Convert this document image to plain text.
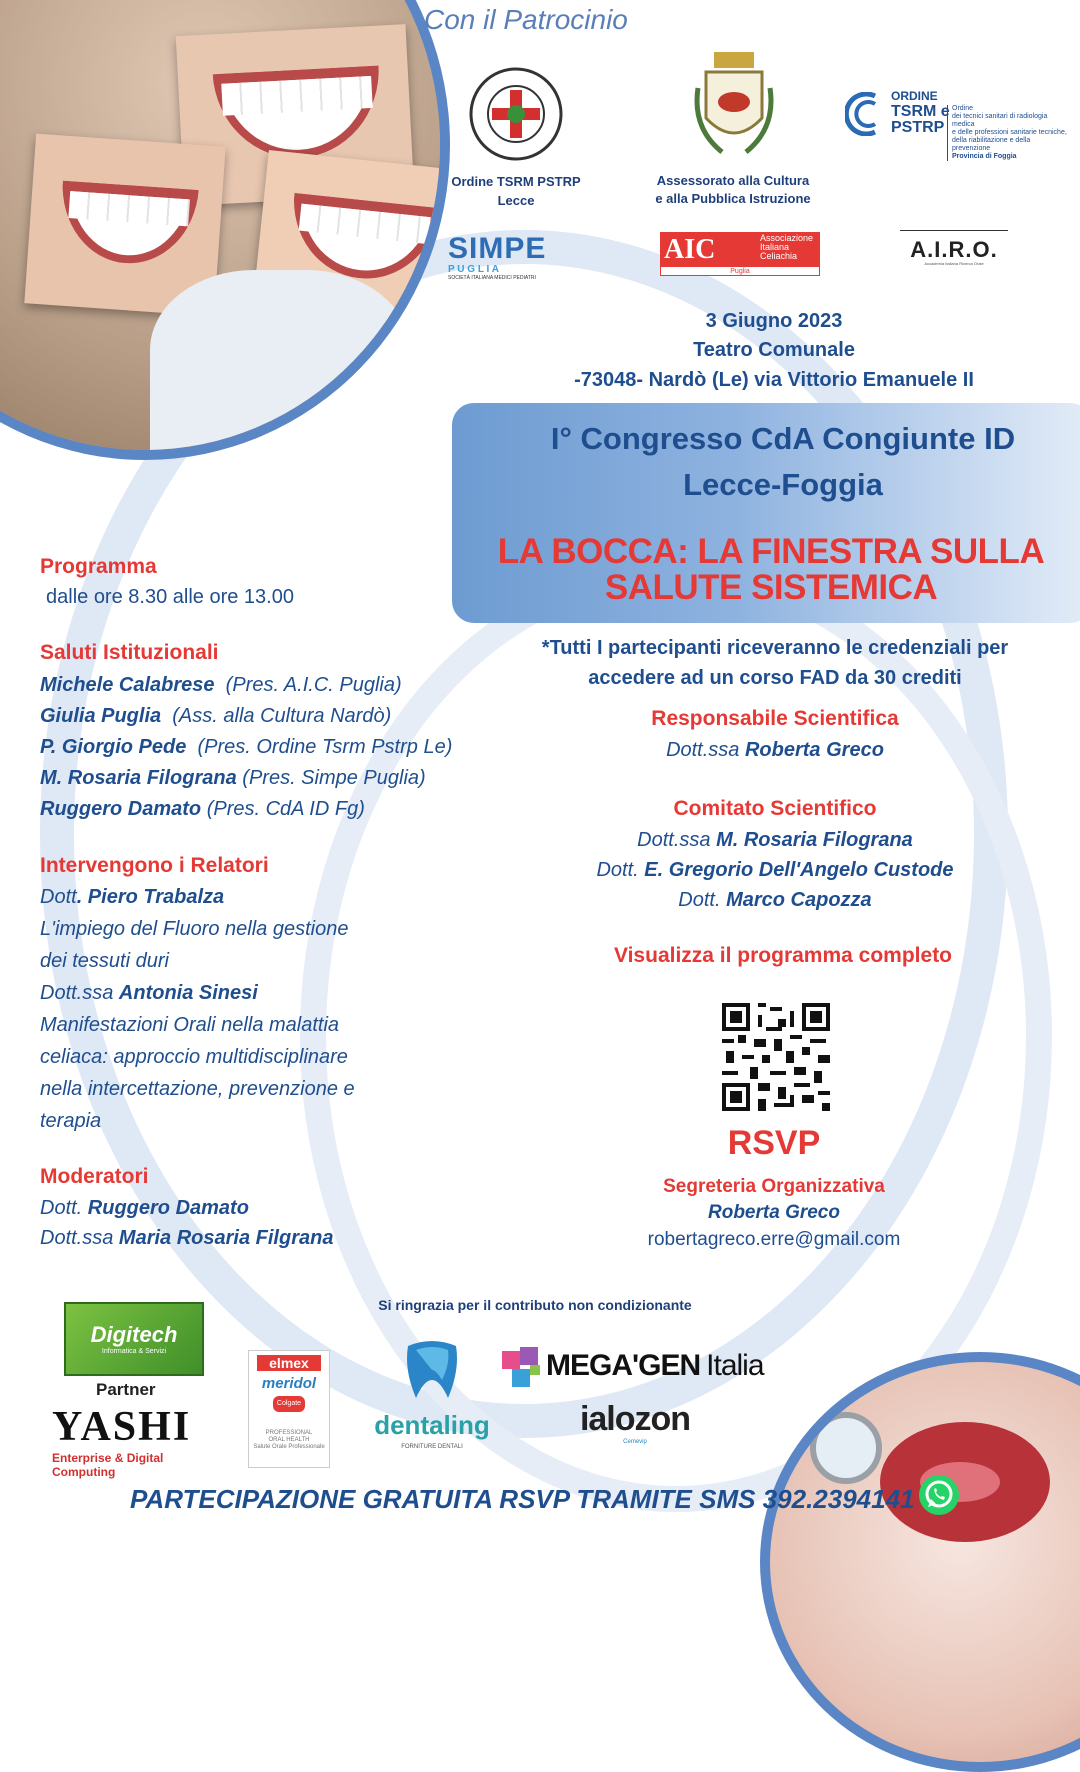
Con il Patrocinio
Ordine TSRM PSTRP Lecce
Assessorato alla Cultura
e alla Pubblica Istruzione
ORDINE
TSRM e
PSTRP
Ordine
dei tecnici sanitari di radiologia medica
e delle professioni sanitarie tecniche,
della riabilitazione e della prevenzione
Provincia di Foggia
SIMPE
P U G L I A
SOCIETÀ ITALIANA MEDICI PEDIATRI
AIC	Associazione
Italiana
Celiachia
Puglia
A.I.R.O.
Accademia Italiana Ricerca Orale
3 Giugno 2023
Teatro Comunale
-73048- Nardò (Le) via Vittorio Emanuele II
I° Congresso CdA Congiunte ID
Lecce-Foggia
LA BOCCA: LA FINESTRA SULLA
SALUTE SISTEMICA
Programma
dalle ore 8.30 alle ore 13.00
Saluti Istituzionali
Michele Calabrese (Pres. A.I.C. Puglia)
Giulia Puglia (Ass. alla Cultura Nardò)
P. Giorgio Pede (Pres. Ordine Tsrm Pstrp Le)
M. Rosaria Filograna (Pres. Simpe Puglia)
Ruggero Damato (Pres. CdA ID Fg)
Intervengono i Relatori
Dott. Piero Trabalza
L'impiego del Fluoro nella gestione
dei tessuti duri
Dott.ssa Antonia Sinesi
Manifestazioni Orali nella malattia
celiaca: approccio multidisciplinare
nella intercettazione, prevenzione e
terapia
Moderatori
Dott. Ruggero Damato
Dott.ssa Maria Rosaria Filgrana
*Tutti I partecipanti riceveranno le credenziali per
accedere ad un corso FAD da 30 crediti
Responsabile Scientifica
Dott.ssa Roberta Greco
Comitato Scientifico
Dott.ssa M. Rosaria Filograna
Dott. E. Gregorio Dell'Angelo Custode
Dott. Marco Capozza
Visualizza il programma completo
RSVP
Segreteria Organizzativa
Roberta Greco
robertagreco.erre@gmail.com
Si ringrazia per il contributo non condizionante
Digitech
Informatica & Servizi
Partner
YASHI
Enterprise & Digital Computing
elmex
meridol
Colgate
PROFESSIONAL
ORAL HEALTH
Salute Orale Professionale
dentaling
FORNITURE DENTALI
MEGA'GEN Italia
ialozon
Cemevip
PARTECIPAZIONE GRATUITA RSVP TRAMITE SMS 392.2394141
